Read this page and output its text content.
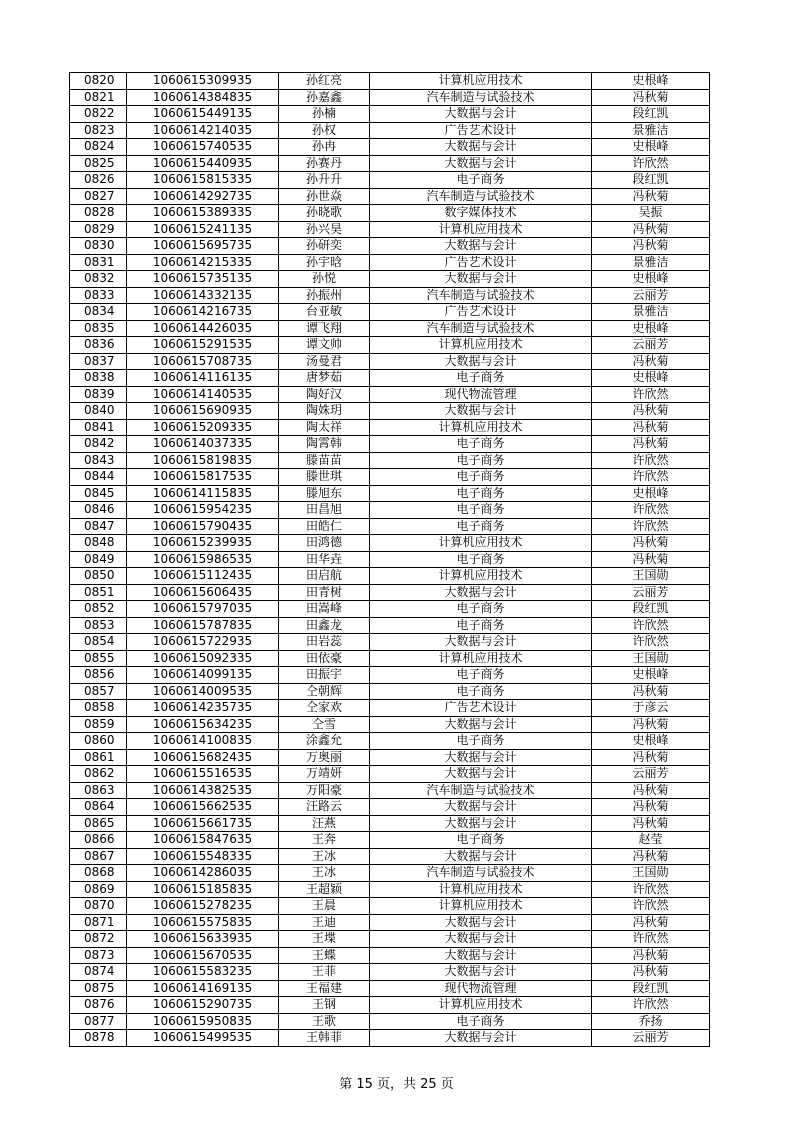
0820	1060615309935	孙红亮	计算机应用技术	史根峰
0821	1060614384835	孙嘉鑫	汽车制造与试验技术	冯秋菊
0822	1060615449135	孙楠	大数据与会计	段红凯
0823	1060614214035	孙权	广告艺术设计	景雅洁
0824	1060615740535	孙冉	大数据与会计	史根峰
0825	1060615440935	孙赛丹	大数据与会计	许欣然
0826	1060615815335	孙升升	电子商务	段红凯
0827	1060614292735	孙世焱	汽车制造与试验技术	冯秋菊
0828	1060615389335	孙晓歌	数字媒体技术	吴振
0829	1060615241135	孙兴昊	计算机应用技术	冯秋菊
0830	1060615695735	孙研奕	大数据与会计	冯秋菊
0831	1060614215335	孙宇晗	广告艺术设计	景雅洁
0832	1060615735135	孙悦	大数据与会计	史根峰
0833	1060614332135	孙振州	汽车制造与试验技术	云丽芳
0834	1060614216735	台亚敏	广告艺术设计	景雅洁
0835	1060614426035	谭飞翔	汽车制造与试验技术	史根峰
0836	1060615291535	谭文帅	计算机应用技术	云丽芳
0837	1060615708735	汤曼君	大数据与会计	冯秋菊
0838	1060614116135	唐梦茹	电子商务	史根峰
0839	1060614140535	陶好汉	现代物流管理	许欣然
0840	1060615690935	陶姝玥	大数据与会计	冯秋菊
0841	1060615209335	陶太祥	计算机应用技术	冯秋菊
0842	1060614037335	陶霄韩	电子商务	冯秋菊
0843	1060615819835	滕苗苗	电子商务	许欣然
0844	1060615817535	滕世琪	电子商务	许欣然
0845	1060614115835	滕旭东	电子商务	史根峰
0846	1060615954235	田昌旭	电子商务	许欣然
0847	1060615790435	田皓仁	电子商务	许欣然
0848	1060615239935	田鸿德	计算机应用技术	冯秋菊
0849	1060615986535	田华垚	电子商务	冯秋菊
0850	1060615112435	田启航	计算机应用技术	王国勋
0851	1060615606435	田青树	大数据与会计	云丽芳
0852	1060615797035	田嵩峰	电子商务	段红凯
0853	1060615787835	田鑫龙	电子商务	许欣然
0854	1060615722935	田岩蕊	大数据与会计	许欣然
0855	1060615092335	田依豪	计算机应用技术	王国勋
0856	1060614099135	田振宇	电子商务	史根峰
0857	1060614009535	仝朝辉	电子商务	冯秋菊
0858	1060614235735	仝家欢	广告艺术设计	于彦云
0859	1060615634235	仝雪	大数据与会计	冯秋菊
0860	1060614100835	涂鑫允	电子商务	史根峰
0861	1060615682435	万奥丽	大数据与会计	冯秋菊
0862	1060615516535	万靖妍	大数据与会计	云丽芳
0863	1060614382535	万阳豪	汽车制造与试验技术	冯秋菊
0864	1060615662535	汪路云	大数据与会计	冯秋菊
0865	1060615661735	汪燕	大数据与会计	冯秋菊
0866	1060615847635	王奔	电子商务	赵莹
0867	1060615548335	王冰	大数据与会计	冯秋菊
0868	1060614286035	王冰	汽车制造与试验技术	王国勋
0869	1060615185835	王超颖	计算机应用技术	许欣然
0870	1060615278235	王晨	计算机应用技术	许欣然
0871	1060615575835	王迪	大数据与会计	冯秋菊
0872	1060615633935	王堞	大数据与会计	许欣然
0873	1060615670535	王蝶	大数据与会计	冯秋菊
0874	1060615583235	王菲	大数据与会计	冯秋菊
0875	1060614169135	王福建	现代物流管理	段红凯
0876	1060615290735	王钢	计算机应用技术	许欣然
0877	1060615950835	王歌	电子商务	乔扬
0878	1060615499535	王韩菲	大数据与会计	云丽芳
第 15 页，共 25 页
